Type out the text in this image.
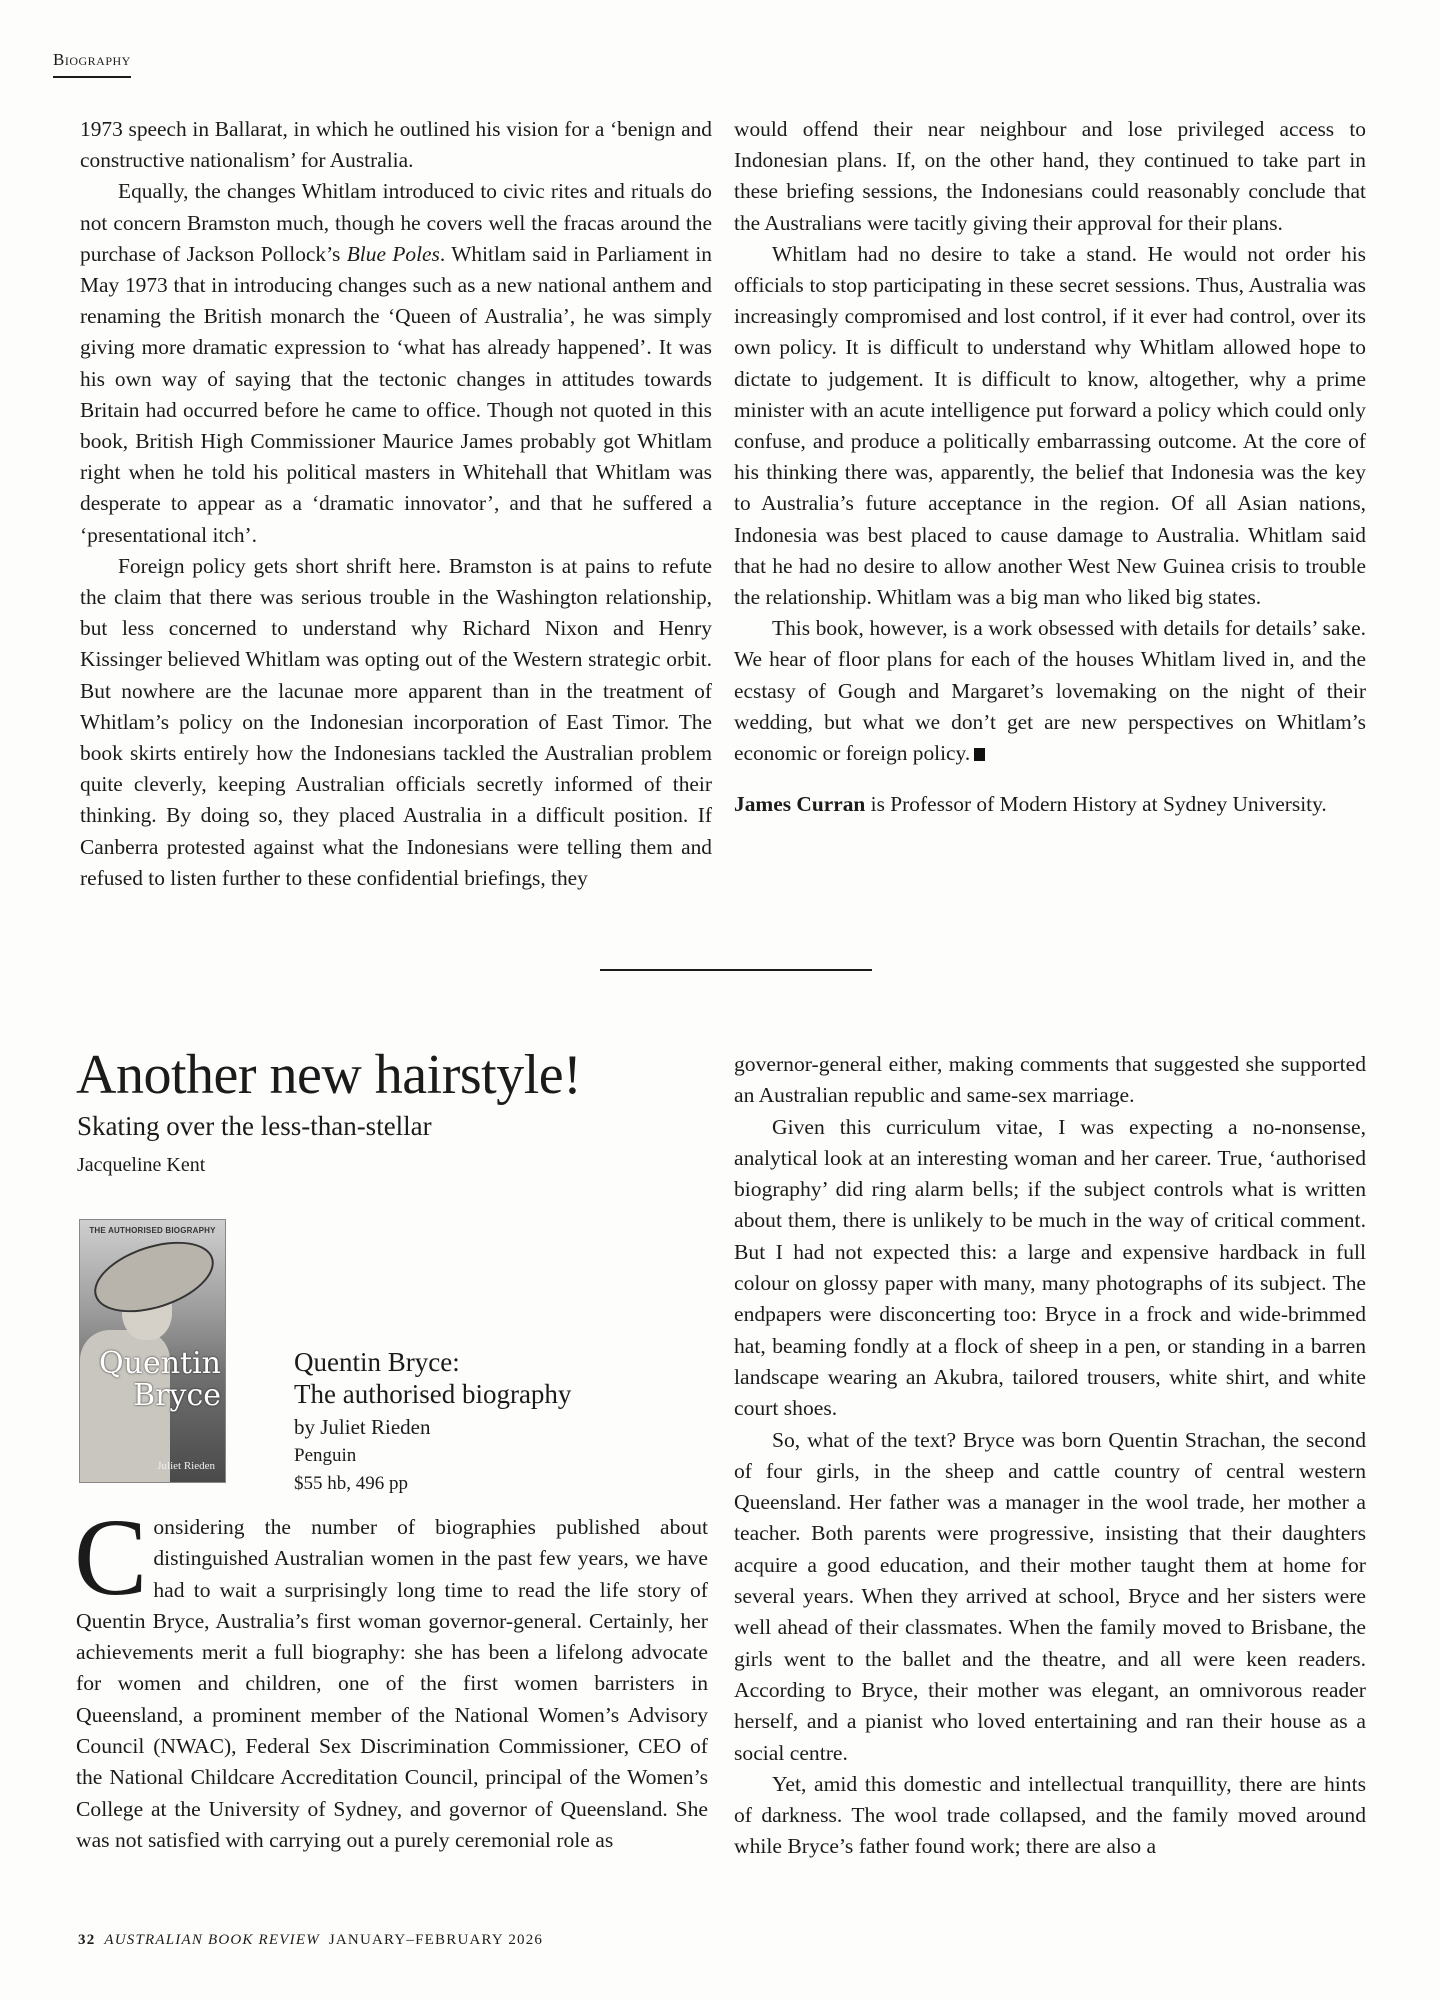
Biography

1973 speech in Ballarat, in which he outlined his vision for a ‘benign and constructive nationalism’ for Australia.

Equally, the changes Whitlam introduced to civic rites and rituals do not concern Bramston much, though he covers well the fracas around the purchase of Jackson Pollock’s Blue Poles. Whitlam said in Parliament in May 1973 that in introducing changes such as a new national anthem and renaming the British monarch the ‘Queen of Australia’, he was simply giving more dramatic expression to ‘what has already happened’. It was his own way of saying that the tectonic changes in attitudes towards Britain had occurred before he came to office. Though not quoted in this book, British High Commissioner Maurice James probably got Whitlam right when he told his political masters in Whitehall that Whitlam was desperate to appear as a ‘dramatic innovator’, and that he suffered a ‘presentational itch’.

Foreign policy gets short shrift here. Bramston is at pains to refute the claim that there was serious trouble in the Washington relationship, but less concerned to understand why Richard Nixon and Henry Kissinger believed Whitlam was opting out of the Western strategic orbit. But nowhere are the lacunae more apparent than in the treatment of Whitlam’s policy on the Indonesian incorporation of East Timor. The book skirts entirely how the Indonesians tackled the Australian problem quite cleverly, keeping Australian officials secretly informed of their thinking. By doing so, they placed Australia in a difficult position. If Canberra protested against what the Indonesians were telling them and refused to listen further to these confidential briefings, they

would offend their near neighbour and lose privileged access to Indonesian plans. If, on the other hand, they continued to take part in these briefing sessions, the Indonesians could reasonably conclude that the Australians were tacitly giving their approval for their plans.

Whitlam had no desire to take a stand. He would not order his officials to stop participating in these secret sessions. Thus, Australia was increasingly compromised and lost control, if it ever had control, over its own policy. It is difficult to understand why Whitlam allowed hope to dictate to judgement. It is difficult to know, altogether, why a prime minister with an acute intelligence put forward a policy which could only confuse, and produce a politically embarrassing outcome. At the core of his thinking there was, apparently, the belief that Indonesia was the key to Australia’s future acceptance in the region. Of all Asian nations, Indonesia was best placed to cause damage to Australia. Whitlam said that he had no desire to allow another West New Guinea crisis to trouble the relationship. Whitlam was a big man who liked big states.

This book, however, is a work obsessed with details for details’ sake. We hear of floor plans for each of the houses Whitlam lived in, and the ecstasy of Gough and Margaret’s lovemaking on the night of their wedding, but what we don’t get are new perspectives on Whitlam’s economic or foreign policy.

James Curran is Professor of Modern History at Sydney University.

Another new hairstyle!
Skating over the less-than-stellar
Jacqueline Kent
THE AUTHORISED BIOGRAPHY
Quentin
Bryce
Juliet Rieden
Quentin Bryce:
The authorised biography
by Juliet Rieden
Penguin
$55 hb, 496 pp

Considering the number of biographies published about distinguished Australian women in the past few years, we have had to wait a surprisingly long time to read the life story of Quentin Bryce, Australia’s first woman governor-general. Certainly, her achievements merit a full biography: she has been a lifelong advocate for women and children, one of the first women barristers in Queensland, a prominent member of the National Women’s Advisory Council (NWAC), Federal Sex Discrimination Commissioner, CEO of the National Childcare Accreditation Council, principal of the Women’s College at the University of Sydney, and governor of Queensland. She was not satisfied with carrying out a purely ceremonial role as

governor-general either, making comments that suggested she supported an Australian republic and same-sex marriage.

Given this curriculum vitae, I was expecting a no-nonsense, analytical look at an interesting woman and her career. True, ‘authorised biography’ did ring alarm bells; if the subject controls what is written about them, there is unlikely to be much in the way of critical comment. But I had not expected this: a large and expensive hardback in full colour on glossy paper with many, many photographs of its subject. The endpapers were disconcerting too: Bryce in a frock and wide-brimmed hat, beaming fondly at a flock of sheep in a pen, or standing in a barren landscape wearing an Akubra, tailored trousers, white shirt, and white court shoes.

So, what of the text? Bryce was born Quentin Strachan, the second of four girls, in the sheep and cattle country of central western Queensland. Her father was a manager in the wool trade, her mother a teacher. Both parents were progressive, insisting that their daughters acquire a good education, and their mother taught them at home for several years. When they arrived at school, Bryce and her sisters were well ahead of their classmates. When the family moved to Brisbane, the girls went to the ballet and the theatre, and all were keen readers. According to Bryce, their mother was elegant, an omnivorous reader herself, and a pianist who loved entertaining and ran their house as a social centre.

Yet, amid this domestic and intellectual tranquillity, there are hints of darkness. The wool trade collapsed, and the family moved around while Bryce’s father found work; there are also a

32 AUSTRALIAN BOOK REVIEW JANUARY–FEBRUARY 2026
